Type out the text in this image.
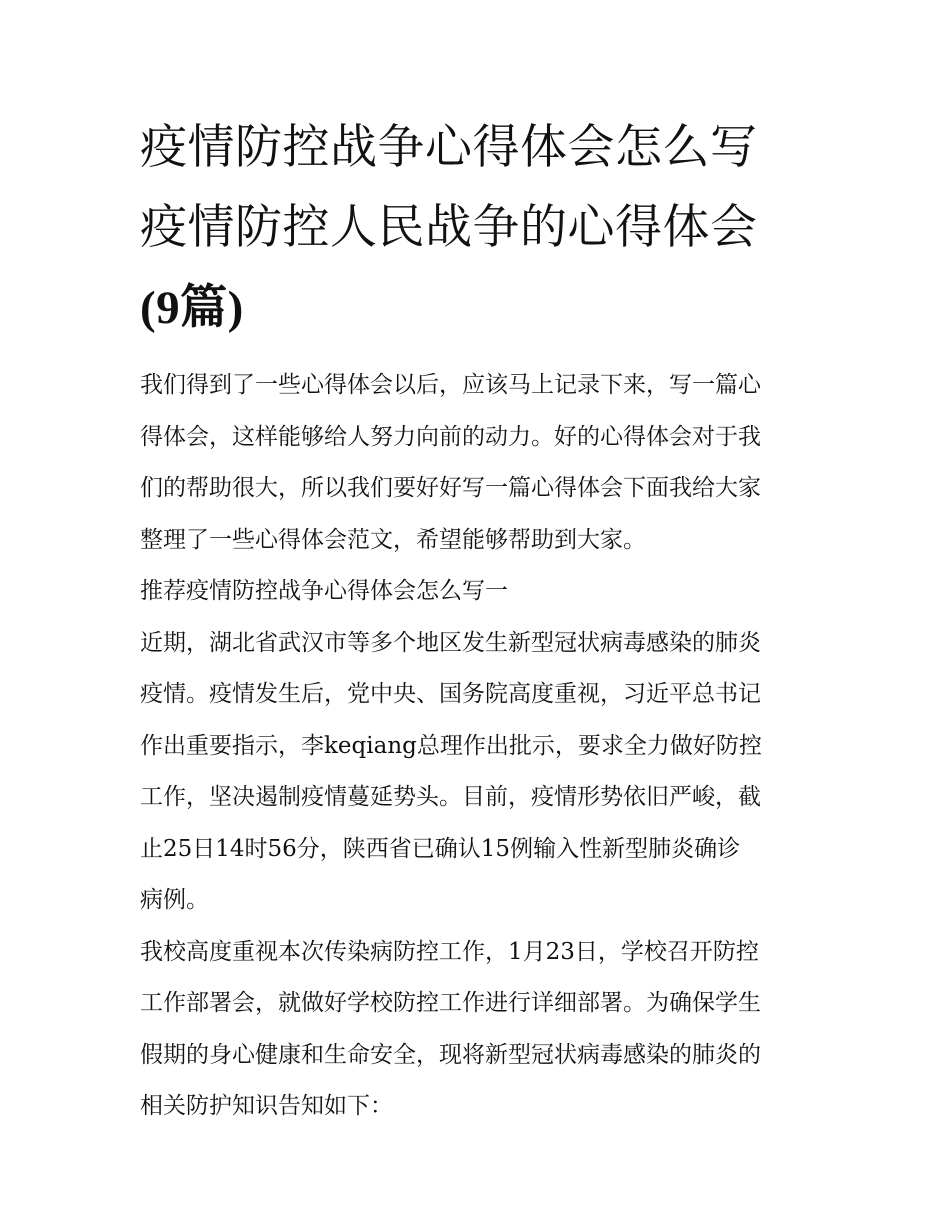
疫情防控战争心得体会怎么写
疫情防控人民战争的心得体会
(9篇)
我们得到了一些心得体会以后，应该马上记录下来，写一篇心
得体会，这样能够给人努力向前的动力。好的心得体会对于我
们的帮助很大，所以我们要好好写一篇心得体会下面我给大家
整理了一些心得体会范文，希望能够帮助到大家。
推荐疫情防控战争心得体会怎么写一
近期，湖北省武汉市等多个地区发生新型冠状病毒感染的肺炎
疫情。疫情发生后，党中央、国务院高度重视，习近平总书记
作出重要指示，李keqiang总理作出批示，要求全力做好防控
工作，坚决遏制疫情蔓延势头。目前，疫情形势依旧严峻，截
止25日14时56分，陕西省已确认15例输入性新型肺炎确诊
病例。
我校高度重视本次传染病防控工作，1月23日，学校召开防控
工作部署会，就做好学校防控工作进行详细部署。为确保学生
假期的身心健康和生命安全，现将新型冠状病毒感染的肺炎的
相关防护知识告知如下：
